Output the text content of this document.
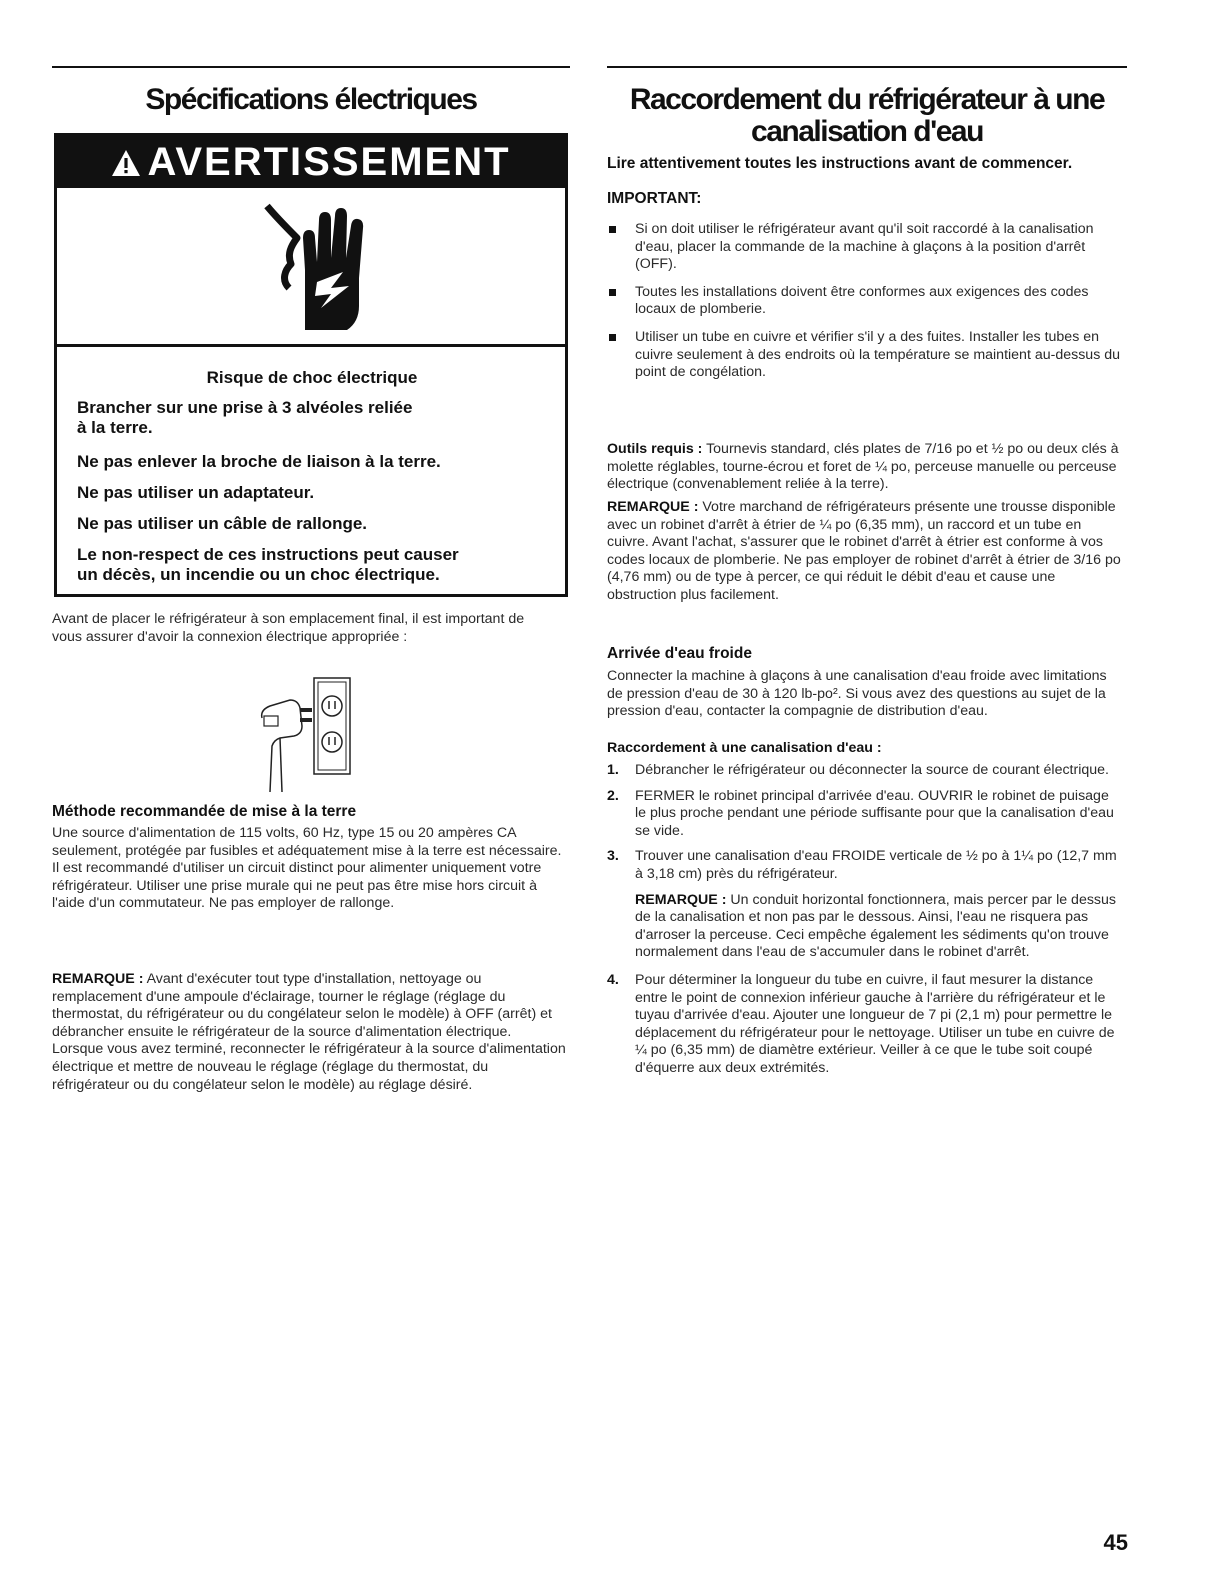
Spécifications électriques
AVERTISSEMENT
Risque de choc électrique
Brancher sur une prise à 3 alvéoles reliée
à la terre.
Ne pas enlever la broche de liaison à la terre.
Ne pas utiliser un adaptateur.
Ne pas utiliser un câble de rallonge.
Le non-respect de ces instructions peut causer
un décès, un incendie ou un choc électrique.

Avant de placer le réfrigérateur à son emplacement final, il est important de vous assurer d'avoir la connexion électrique appropriée :

Méthode recommandée de mise à la terre

Une source d'alimentation de 115 volts, 60 Hz, type 15 ou 20 ampères CA seulement, protégée par fusibles et adéquatement mise à la terre est nécessaire. Il est recommandé d'utiliser un circuit distinct pour alimenter uniquement votre réfrigérateur. Utiliser une prise murale qui ne peut pas être mise hors circuit à l'aide d'un commutateur. Ne pas employer de rallonge.

REMARQUE : Avant d'exécuter tout type d'installation, nettoyage ou remplacement d'une ampoule d'éclairage, tourner le réglage (réglage du thermostat, du réfrigérateur ou du congélateur selon le modèle) à OFF (arrêt) et débrancher ensuite le réfrigérateur de la source d'alimentation électrique. Lorsque vous avez terminé, reconnecter le réfrigérateur à la source d'alimentation électrique et mettre de nouveau le réglage (réglage du thermostat, du réfrigérateur ou du congélateur selon le modèle) au réglage désiré.

Raccordement du réfrigérateur à une canalisation d'eau
Lire attentivement toutes les instructions avant de commencer.
IMPORTANT:

Si on doit utiliser le réfrigérateur avant qu'il soit raccordé à la canalisation d'eau, placer la commande de la machine à glaçons à la position d'arrêt (OFF).

Toutes les installations doivent être conformes aux exigences des codes locaux de plomberie.

Utiliser un tube en cuivre et vérifier s'il y a des fuites. Installer les tubes en cuivre seulement à des endroits où la température se maintient au-dessus du point de congélation.

Outils requis : Tournevis standard, clés plates de 7/16 po et ½ po ou deux clés à molette réglables, tourne-écrou et foret de ¼ po, perceuse manuelle ou perceuse électrique (convenablement reliée à la terre).

REMARQUE : Votre marchand de réfrigérateurs présente une trousse disponible avec un robinet d'arrêt à étrier de ¼ po (6,35 mm), un raccord et un tube en cuivre. Avant l'achat, s'assurer que le robinet d'arrêt à étrier est conforme à vos codes locaux de plomberie. Ne pas employer de robinet d'arrêt à étrier de 3/16 po (4,76 mm) ou de type à percer, ce qui réduit le débit d'eau et cause une obstruction plus facilement.

Arrivée d'eau froide

Connecter la machine à glaçons à une canalisation d'eau froide avec limitations de pression d'eau de 30 à 120 lb-po². Si vous avez des questions au sujet de la pression d'eau, contacter la compagnie de distribution d'eau.

Raccordement à une canalisation d'eau :

1. Débrancher le réfrigérateur ou déconnecter la source de courant électrique.

2. FERMER le robinet principal d'arrivée d'eau. OUVRIR le robinet de puisage le plus proche pendant une période suffisante pour que la canalisation d'eau se vide.

3. Trouver une canalisation d'eau FROIDE verticale de ½ po à 1¼ po (12,7 mm à 3,18 cm) près du réfrigérateur.

REMARQUE : Un conduit horizontal fonctionnera, mais percer par le dessus de la canalisation et non pas par le dessous. Ainsi, l'eau ne risquera pas d'arroser la perceuse. Ceci empêche également les sédiments qu'on trouve normalement dans l'eau de s'accumuler dans le robinet d'arrêt.

4. Pour déterminer la longueur du tube en cuivre, il faut mesurer la distance entre le point de connexion inférieur gauche à l'arrière du réfrigérateur et le tuyau d'arrivée d'eau. Ajouter une longueur de 7 pi (2,1 m) pour permettre le déplacement du réfrigérateur pour le nettoyage. Utiliser un tube en cuivre de ¼ po (6,35 mm) de diamètre extérieur. Veiller à ce que le tube soit coupé d'équerre aux deux extrémités.

45
